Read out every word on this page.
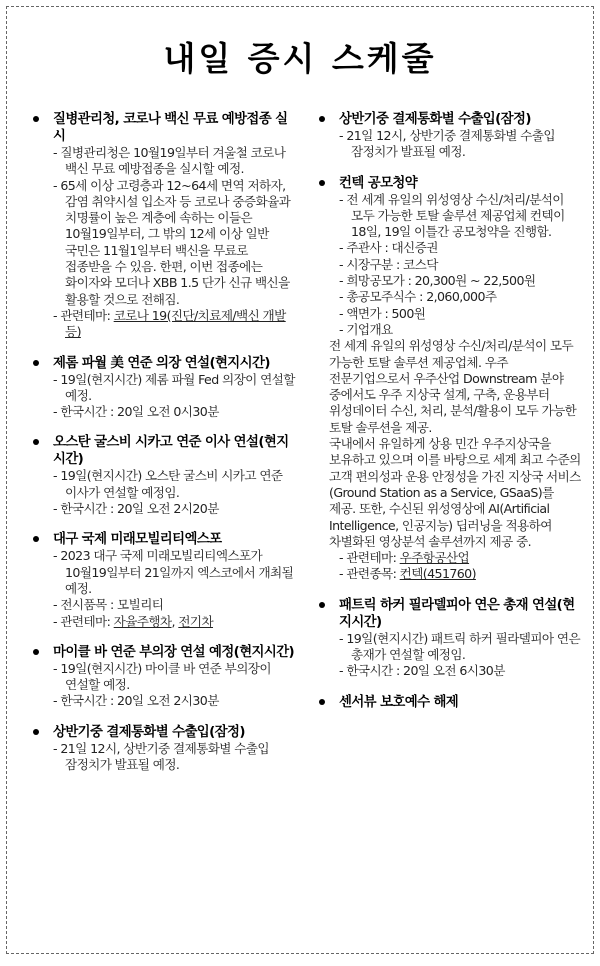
내일 증시 스케줄
질병관리청, 코로나 백신 무료 예방접종 실시
- 질병관리청은 10월19일부터 겨울철 코로나 백신 무료 예방접종을 실시할 예정.
- 65세 이상 고령층과 12~64세 면역 저하자, 감염 취약시설 입소자 등 코로나 중증화율과 치명률이 높은 계층에 속하는 이들은 10월19일부터, 그 밖의 12세 이상 일반 국민은 11월1일부터 백신을 무료로 접종받을 수 있음. 한편, 이번 접종에는 화이자와 모더나 XBB 1.5 단가 신규 백신을 활용할 것으로 전해짐.
- 관련테마: 코로나 19(진단/치료제/백신 개발 등)
제롬 파월 美 연준 의장 연설(현지시간)
- 19일(현지시간) 제롬 파월 Fed 의장이 연설할 예정.
- 한국시간 : 20일 오전 0시30분
오스탄 굴스비 시카고 연준 이사 연설(현지시간)
- 19일(현지시간) 오스탄 굴스비 시카고 연준 이사가 연설할 예정임.
- 한국시간 : 20일 오전 2시20분
대구 국제 미래모빌리티엑스포
- 2023 대구 국제 미래모빌리티엑스포가 10월19일부터 21일까지 엑스코에서 개최될 예정.
- 전시품목 : 모빌리티
- 관련테마: 자율주행차, 전기차
마이클 바 연준 부의장 연설 예정(현지시간)
- 19일(현지시간) 마이클 바 연준 부의장이 연설할 예정.
- 한국시간 : 20일 오전 2시30분
상반기중 결제통화별 수출입(잠정)
- 21일 12시, 상반기중 결제통화별 수출입 잠정치가 발표될 예정.
상반기중 결제통화별 수출입(잠정)
- 21일 12시, 상반기중 결제통화별 수출입 잠정치가 발표될 예정.
컨텍 공모청약
- 전 세계 유일의 위성영상 수신/처리/분석이 모두 가능한 토탈 솔루션 제공업체 컨텍이 18일, 19일 이틀간 공모청약을 진행함.
- 주관사 : 대신증권
- 시장구분 : 코스닥
- 희망공모가 : 20,300원 ~ 22,500원
- 총공모주식수 : 2,060,000주
- 액면가 : 500원
- 기업개요
전 세계 유일의 위성영상 수신/처리/분석이 모두 가능한 토탈 솔루션 제공업체. 우주 전문기업으로서 우주산업 Downstream 분야 중에서도 우주 지상국 설계, 구축, 운용부터 위성데이터 수신, 처리, 분석/활용이 모두 가능한 토탈 솔루션을 제공.
국내에서 유일하게 상용 민간 우주지상국을 보유하고 있으며 이를 바탕으로 세계 최고 수준의 고객 편의성과 운용 안정성을 가진 지상국 서비스(Ground Station as a Service, GSaaS)를 제공. 또한, 수신된 위성영상에 AI(Artificial Intelligence, 인공지능) 딥러닝을 적용하여 차별화된 영상분석 솔루션까지 제공 중.
- 관련테마: 우주항공산업
- 관련종목: 컨텍(451760)
패트릭 하커 필라델피아 연은 총재 연설(현지시간)
- 19일(현지시간) 패트릭 하커 필라델피아 연은 총재가 연설할 예정임.
- 한국시간 : 20일 오전 6시30분
센서뷰 보호예수 해제
